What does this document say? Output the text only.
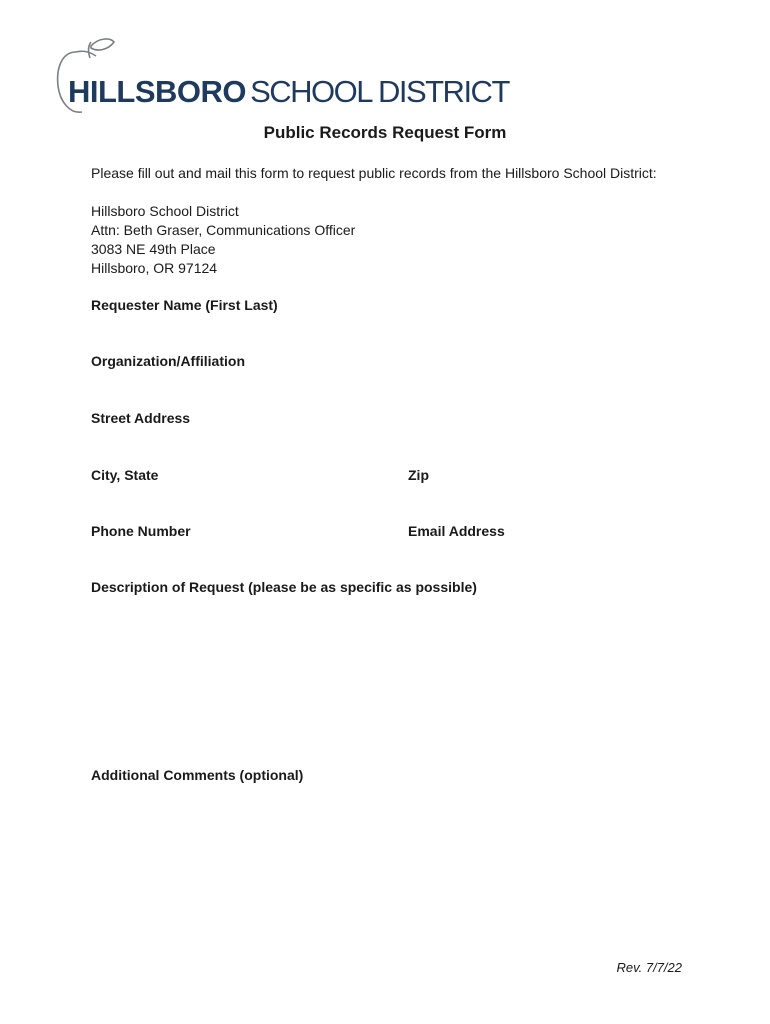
HILLSBORO SCHOOL DISTRICT
Public Records Request Form
Please fill out and mail this form to request public records from the Hillsboro School District:
Hillsboro School District
Attn: Beth Graser, Communications Officer
3083 NE 49th Place
Hillsboro, OR 97124
Requester Name (First Last)
Organization/Affiliation
Street Address
City, State	Zip
Phone Number	Email Address
Description of Request (please be as specific as possible)
Additional Comments (optional)
Rev. 7/7/22
